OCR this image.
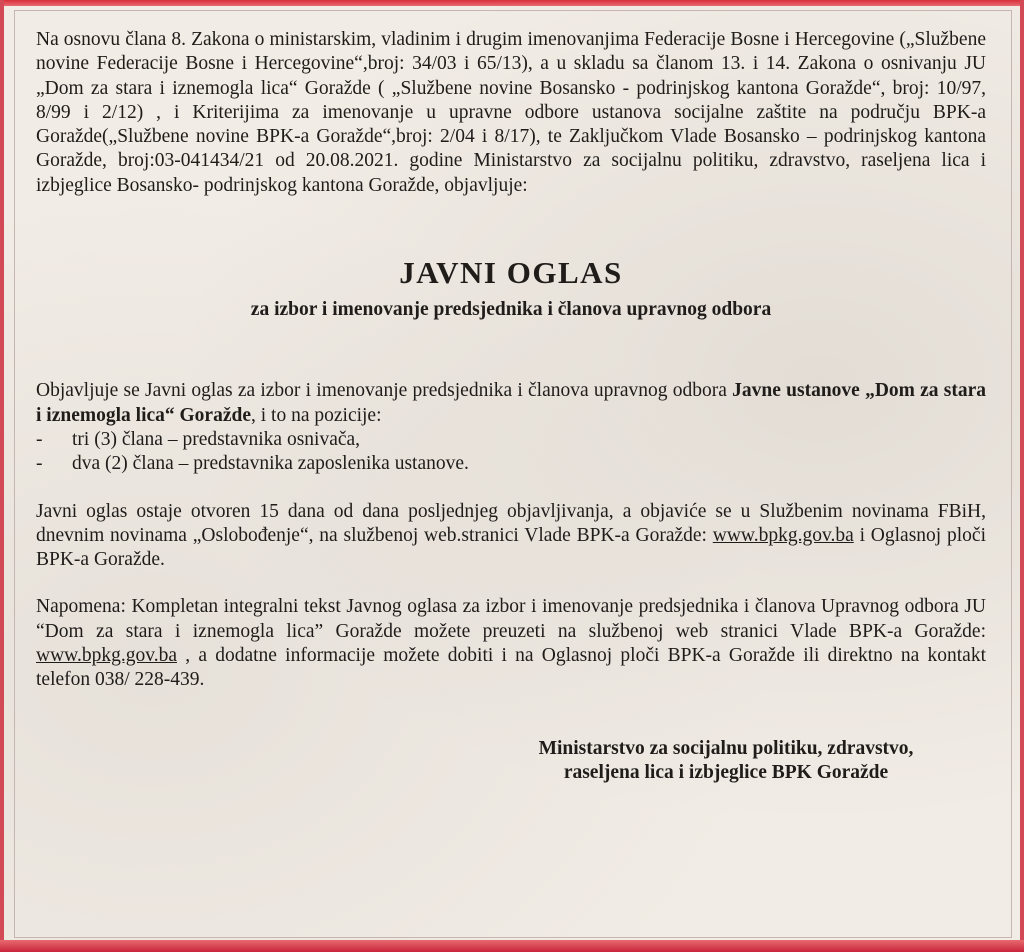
Na osnovu člana 8. Zakona o ministarskim, vladinim i drugim imenovanjima Federacije Bosne i Hercegovine („Službene novine Federacije Bosne i Hercegovine“,broj: 34/03 i 65/13), a u skladu sa članom 13. i 14. Zakona o osnivanju JU „Dom za stara i iznemogla lica“ Goražde ( „Službene novine Bosansko - podrinjskog kantona Goražde“, broj: 10/97, 8/99 i 2/12) , i Kriterijima za imenovanje u upravne odbore ustanova socijalne zaštite na području BPK-a Goražde(„Službene novine BPK-a Goražde“,broj: 2/04 i 8/17), te Zaključkom Vlade Bosansko – podrinjskog kantona Goražde, broj:03-041434/21 od 20.08.2021. godine Ministarstvo za socijalnu politiku, zdravstvo, raseljena lica i izbjeglice Bosansko- podrinjskog kantona Goražde, objavljuje:

JAVNI OGLAS

za izbor i imenovanje predsjednika i članova upravnog odbora

Objavljuje se Javni oglas za izbor i imenovanje predsjednika i članova upravnog odbora Javne ustanove „Dom za stara i iznemogla lica“ Goražde, i to na pozicije:

-	tri (3) člana – predstavnika osnivača,
-	dva (2) člana – predstavnika zaposlenika ustanove.

Javni oglas ostaje otvoren 15 dana od dana posljednjeg objavljivanja, a objaviće se u Službenim novinama FBiH, dnevnim novinama „Oslobođenje“, na službenoj web.stranici Vlade BPK-a Goražde: www.bpkg.gov.ba i Oglasnoj ploči BPK-a Goražde.

Napomena: Kompletan integralni tekst Javnog oglasa za izbor i imenovanje predsjednika i članova Upravnog odbora JU “Dom za stara i iznemogla lica” Goražde možete preuzeti na službenoj web stranici Vlade BPK-a Goražde: www.bpkg.gov.ba , a dodatne informacije možete dobiti i na Oglasnoj ploči BPK-a Goražde ili direktno na kontakt telefon 038/ 228-439.

Ministarstvo za socijalnu politiku, zdravstvo,
raseljena lica i izbjeglice BPK Goražde
